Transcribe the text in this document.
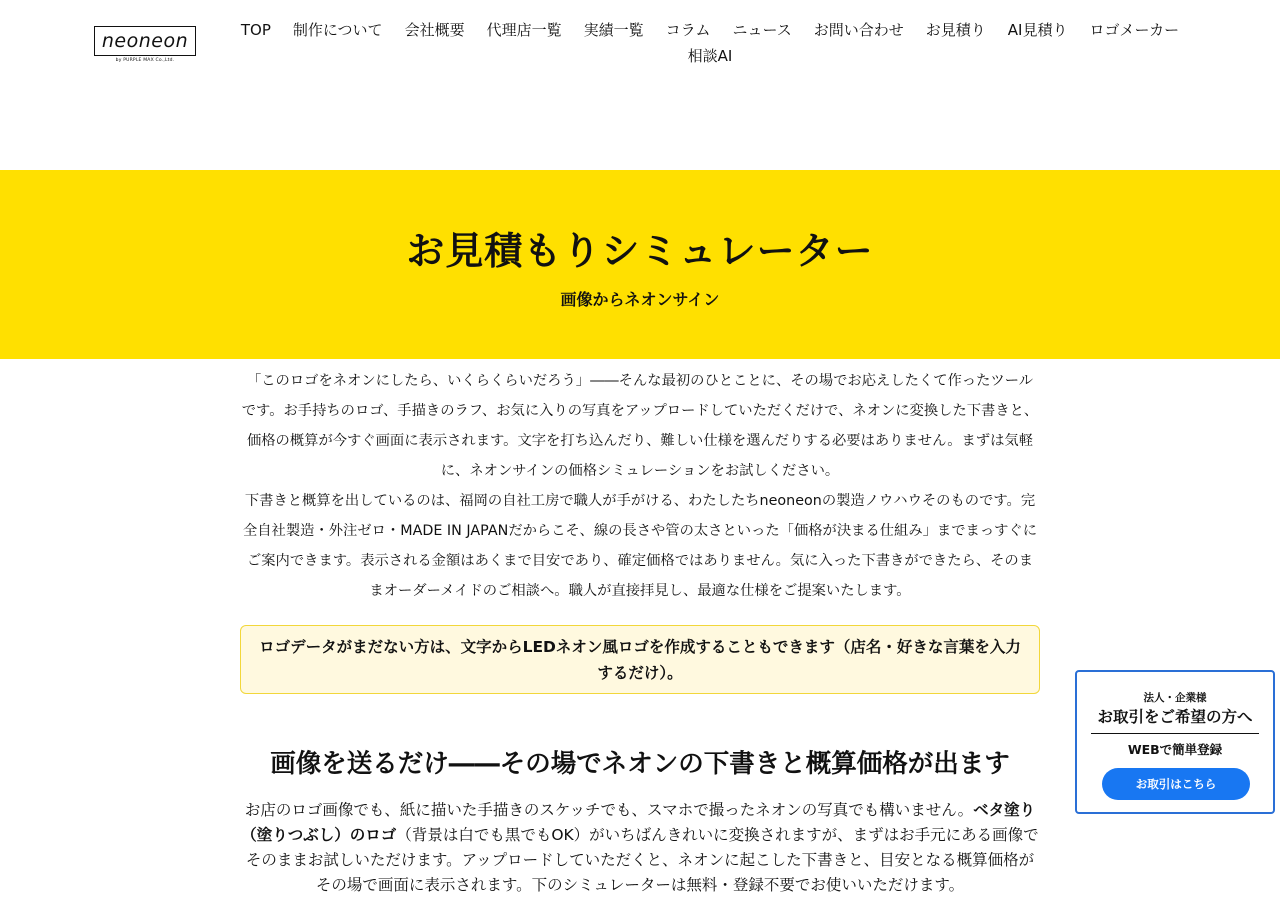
neoneon
by PURPLE MAX Co.,Ltd.
TOP	制作について	会社概要	代理店一覧	実績一覧	コラム	ニュース	お問い合わせ	お見積り	AI見積り	ロゴメーカー
相談AI
お見積もりシミュレーター

画像からネオンサイン

「このロゴをネオンにしたら、いくらくらいだろう」――そんな最初のひとことに、その場でお応えしたくて作ったツールです。お手持ちのロゴ、手描きのラフ、お気に入りの写真をアップロードしていただくだけで、ネオンに変換した下書きと、価格の概算が今すぐ画面に表示されます。文字を打ち込んだり、難しい仕様を選んだりする必要はありません。まずは気軽に、ネオンサインの価格シミュレーションをお試しください。

下書きと概算を出しているのは、福岡の自社工房で職人が手がける、わたしたちneoneonの製造ノウハウそのものです。完全自社製造・外注ゼロ・MADE IN JAPANだからこそ、線の長さや管の太さといった「価格が決まる仕組み」までまっすぐにご案内できます。表示される金額はあくまで目安であり、確定価格ではありません。気に入った下書きができたら、そのままオーダーメイドのご相談へ。職人が直接拝見し、最適な仕様をご提案いたします。

ロゴデータがまだない方は、文字からLEDネオン風ロゴを作成することもできます（店名・好きな言葉を入力するだけ）。
画像を送るだけ――その場でネオンの下書きと概算価格が出ます

お店のロゴ画像でも、紙に描いた手描きのスケッチでも、スマホで撮ったネオンの写真でも構いません。ベタ塗り（塗りつぶし）のロゴ（背景は白でも黒でもOK）がいちばんきれいに変換されますが、まずはお手元にある画像でそのままお試しいただけます。アップロードしていただくと、ネオンに起こした下書きと、目安となる概算価格がその場で画面に表示されます。下のシミュレーターは無料・登録不要でお使いいただけます。

法人・企業様
お取引をご希望の方へ
WEBで簡単登録
お取引はこちら
